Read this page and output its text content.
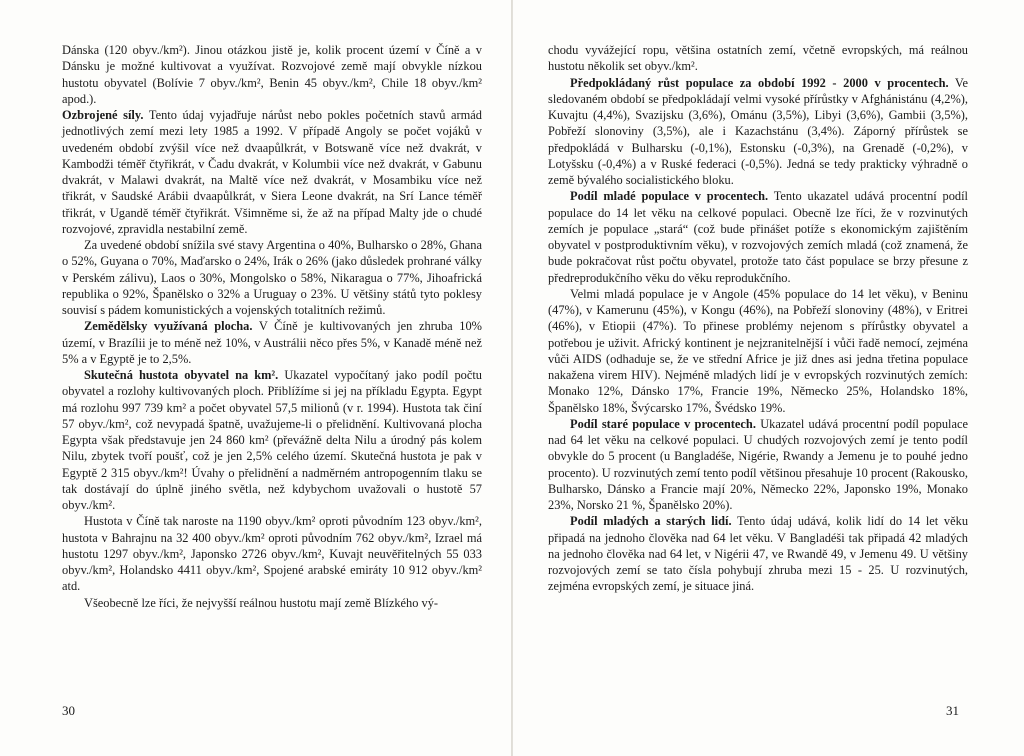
Dánska (120 obyv./km²). Jinou otázkou jistě je, kolik procent území v Číně a v Dánsku je možné kultivovat a využívat. Rozvojové země mají obvykle nízkou hustotu obyvatel (Bolívie 7 obyv./km², Benin 45 obyv./km², Chile 18 obyv./km² apod.).

Ozbrojené síly. Tento údaj vyjadřuje nárůst nebo pokles početních stavů armád jednotlivých zemí mezi lety 1985 a 1992. V případě Angoly se počet vojáků v uvedeném období zvýšil více než dvaapůlkrát, v Botswaně více než dvakrát, v Kambodži téměř čtyřikrát, v Čadu dvakrát, v Kolumbii více než dvakrát, v Gabunu dvakrát, v Malawi dvakrát, na Maltě více než dvakrát, v Mosambiku více než třikrát, v Saudské Arábii dvaapůlkrát, v Siera Leone dvakrát, na Srí Lance téměř třikrát, v Ugandě téměř čtyřikrát. Všimněme si, že až na případ Malty jde o chudé rozvojové, zpravidla nestabilní země.

Za uvedené období snížila své stavy Argentina o 40%, Bulharsko o 28%, Ghana o 52%, Guyana o 70%, Maďarsko o 24%, Irák o 26% (jako důsledek prohrané války v Perském zálivu), Laos o 30%, Mongolsko o 58%, Nikaragua o 77%, Jihoafrická republika o 92%, Španělsko o 32% a Uruguay o 23%. U většiny států tyto poklesy souvisí s pádem komunistických a vojenských totalitních režimů.

Zemědělsky využívaná plocha. V Číně je kultivovaných jen zhruba 10% území, v Brazílii je to méně než 10%, v Austrálii něco přes 5%, v Kanadě méně než 5% a v Egyptě je to 2,5%.

Skutečná hustota obyvatel na km². Ukazatel vypočítaný jako podíl počtu obyvatel a rozlohy kultivovaných ploch. Přiblížíme si jej na příkladu Egypta. Egypt má rozlohu 997 739 km² a počet obyvatel 57,5 milionů (v r. 1994). Hustota tak činí 57 obyv./km², což nevypadá špatně, uvažujeme-li o přelidnění. Kultivovaná plocha Egypta však představuje jen 24 860 km² (převážně delta Nilu a úrodný pás kolem Nilu, zbytek tvoří poušť, což je jen 2,5% celého území. Skutečná hustota je pak v Egyptě 2 315 obyv./km²! Úvahy o přelidnění a nadměrném antropogenním tlaku se tak dostávají do úplně jiného světla, než kdybychom uvažovali o hustotě 57 obyv./km².

Hustota v Číně tak naroste na 1190 obyv./km² oproti původním 123 obyv./km², hustota v Bahrajnu na 32 400 obyv./km² oproti původním 762 obyv./km², Izrael má hustotu 1297 obyv./km², Japonsko 2726 obyv./km², Kuvajt neuvěřitelných 55 033 obyv./km², Holandsko 4411 obyv./km², Spojené arabské emiráty 10 912 obyv./km² atd.

Všeobecně lze říci, že nejvyšší reálnou hustotu mají země Blízkého vý-

30

chodu vyvážející ropu, většina ostatních zemí, včetně evropských, má reálnou hustotu několik set obyv./km².

Předpokládaný růst populace za období 1992 - 2000 v procentech. Ve sledovaném období se předpokládají velmi vysoké přírůstky v Afghánistánu (4,2%), Kuvajtu (4,4%), Svazijsku (3,6%), Ománu (3,5%), Libyi (3,6%), Gambii (3,5%), Pobřeží slonoviny (3,5%), ale i Kazachstánu (3,4%). Záporný přírůstek se předpokládá v Bulharsku (-0,1%), Estonsku (-0,3%), na Grenadě (-0,2%), v Lotyšsku (-0,4%) a v Ruské federaci (-0,5%). Jedná se tedy prakticky výhradně o země bývalého socialistického bloku.

Podíl mladé populace v procentech. Tento ukazatel udává procentní podíl populace do 14 let věku na celkové populaci. Obecně lze říci, že v rozvinutých zemích je populace „stará“ (což bude přinášet potíže s ekonomickým zajištěním obyvatel v postproduktivním věku), v rozvojových zemích mladá (což znamená, že bude pokračovat růst počtu obyvatel, protože tato část populace se brzy přesune z předreprodukčního věku do věku reprodukčního.

Velmi mladá populace je v Angole (45% populace do 14 let věku), v Beninu (47%), v Kamerunu (45%), v Kongu (46%), na Pobřeží slonoviny (48%), v Eritrei (46%), v Etiopii (47%). To přinese problémy nejenom s přírůstky obyvatel a potřebou je uživit. Africký kontinent je nejzranitelnější i vůči řadě nemocí, zejména vůči AIDS (odhaduje se, že ve střední Africe je již dnes asi jedna třetina populace nakažena virem HIV). Nejméně mladých lidí je v evropských rozvinutých zemích: Monako 12%, Dánsko 17%, Francie 19%, Německo 25%, Holandsko 18%, Španělsko 18%, Švýcarsko 17%, Švédsko 19%.

Podíl staré populace v procentech. Ukazatel udává procentní podíl populace nad 64 let věku na celkové populaci. U chudých rozvojových zemí je tento podíl obvykle do 5 procent (u Bangladéše, Nigérie, Rwandy a Jemenu je to pouhé jedno procento). U rozvinutých zemí tento podíl většinou přesahuje 10 procent (Rakousko, Bulharsko, Dánsko a Francie mají 20%, Německo 22%, Japonsko 19%, Monako 23%, Norsko 21 %, Španělsko 20%).

Podíl mladých a starých lidí. Tento údaj udává, kolik lidí do 14 let věku připadá na jednoho člověka nad 64 let věku. V Bangladéši tak připadá 42 mladých na jednoho člověka nad 64 let, v Nigérii 47, ve Rwandě 49, v Jemenu 49. U většiny rozvojových zemí se tato čísla pohybují zhruba mezi 15 - 25. U rozvinutých, zejména evropských zemí, je situace jiná.

31
